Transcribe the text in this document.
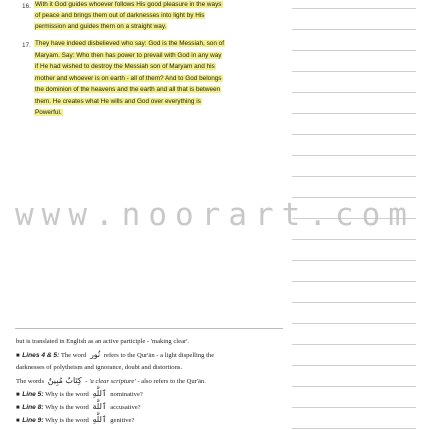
16. With it God guides whoever follows His good pleasure in the ways
of peace and brings them out of darknesses into light by His
permission and guides them on a straight way.
17. They have indeed disbelieved who say: God is the Messiah, son of
Maryam. Say: Who then has power to prevail with God in any way
if He had wished to destroy the Messiah son of Maryam and his
mother and whoever is on earth - all of them? And to God belongs
the dominion of the heavens and the earth and all that is between
them. He creates what He wills and God over everything is
Powerful.
www.noorart.com
but is translated in English as an active participle - 'making clear'.
■ Lines 4 & 5: The word نُور refers to the Qur'ān - a light dispelling the
darknesses of polytheism and ignorance, doubt and distortions.
The words كِتَابٌ مُبِينٌ - 'a clear scripture' - also refers to the Qur'ān.
■ Line 5: Why is the word ٱللَّهِ nominative?
■ Line 8: Why is the word ٱللَّهَ accusative?
■ Line 9: Why is the word ٱللَّهِ genitive?
